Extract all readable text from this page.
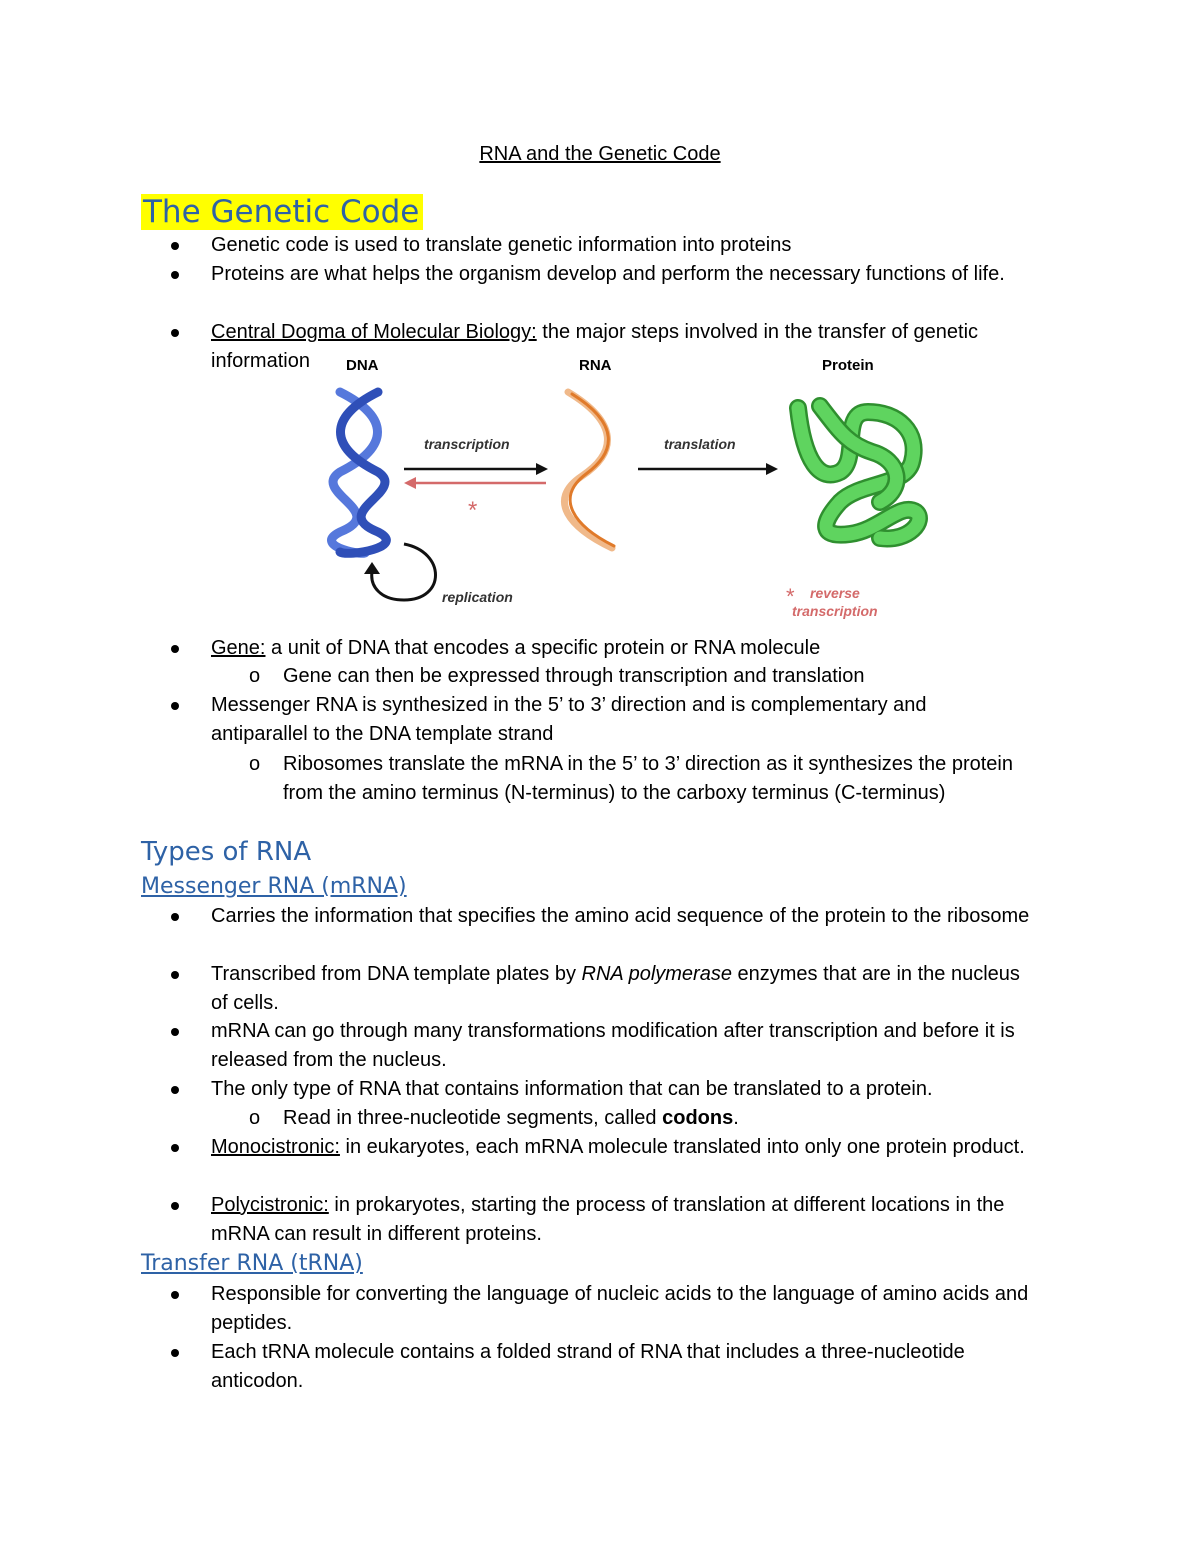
RNA and the Genetic Code
The Genetic Code
Genetic code is used to translate genetic information into proteins
Proteins are what helps the organism develop and perform the necessary functions of life.
Central Dogma of Molecular Biology: the major steps involved in the transfer of genetic information	DNA	RNA	Protein
replication
transcription
*
translation
* reverse
transcription
Gene: a unit of DNA that encodes a specific protein or RNA molecule
o Gene can then be expressed through transcription and translation
Messenger RNA is synthesized in the 5’ to 3’ direction and is complementary and antiparallel to the DNA template strand
o Ribosomes translate the mRNA in the 5’ to 3’ direction as it synthesizes the protein from the amino terminus (N-terminus) to the carboxy terminus (C-terminus)
Types of RNA
Messenger RNA (mRNA)
Carries the information that specifies the amino acid sequence of the protein to the ribosome
Transcribed from DNA template plates by RNA polymerase enzymes that are in the nucleus of cells.
mRNA can go through many transformations modification after transcription and before it is released from the nucleus.
The only type of RNA that contains information that can be translated to a protein.
o Read in three-nucleotide segments, called codons.
Monocistronic: in eukaryotes, each mRNA molecule translated into only one protein product.
Polycistronic: in prokaryotes, starting the process of translation at different locations in the mRNA can result in different proteins.
Transfer RNA (tRNA)
Responsible for converting the language of nucleic acids to the language of amino acids and peptides.
Each tRNA molecule contains a folded strand of RNA that includes a three-nucleotide anticodon.
